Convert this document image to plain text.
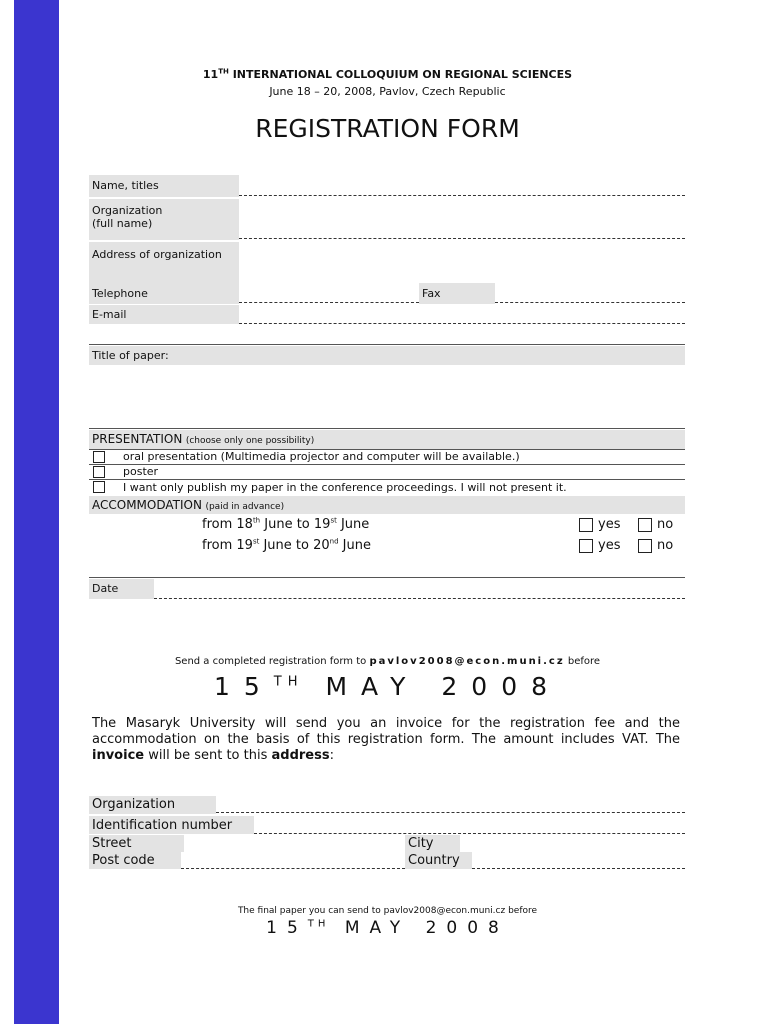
11TH INTERNATIONAL COLLOQUIUM ON REGIONAL SCIENCES
June 18 – 20, 2008, Pavlov, Czech Republic
REGISTRATION FORM
Name, titles
Organization
(full name)
Address of organization
Telephone	Fax
E-mail
Title of paper:
PRESENTATION (choose only one possibility)
oral presentation (Multimedia projector and computer will be available.)
poster
I want only publish my paper in the conference proceedings. I will not present it.
ACCOMMODATION (paid in advance)
from 18th June to 19st June	yes	no
from 19st June to 20nd June	yes	no
Date
Send a completed registration form to pavlov2008@econ.muni.cz before
15TH MAY 2008
The Masaryk University will send you an invoice for the registration fee and the accommodation on the basis of this registration form. The amount includes VAT. The invoice will be sent to this address:
Organization
Identification number
Street	City
Post code	Country
The final paper you can send to pavlov2008@econ.muni.cz before
15TH MAY 2008
